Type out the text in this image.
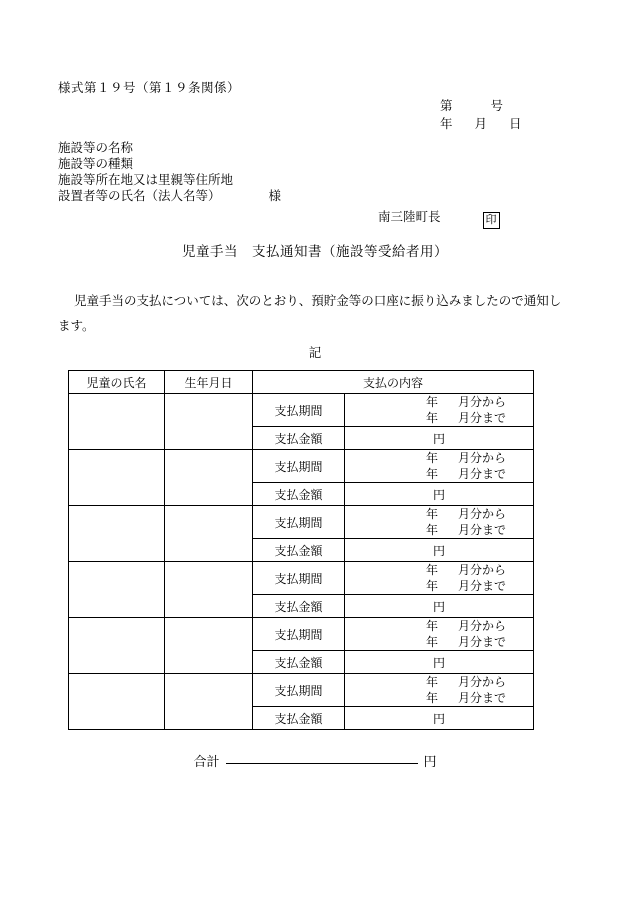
様式第１９号（第１９条関係）
第	号
年 月 日
施設等の名称
施設等の種類
施設等所在地又は里親等住所地
設置者等の氏名（法人名等）	様
南三陸町長	印
児童手当　支払通知書（施設等受給者用）
児童手当の支払については、次のとおり、預貯金等の口座に振り込みましたので通知します。
記
児童の氏名	生年月日	支払の内容	
		支払期間	年 月分から
年 月分まで

		支払金額	円
		支払期間	年 月分から
年 月分まで

		支払金額	円
		支払期間	年 月分から
年 月分まで

		支払金額	円
		支払期間	年 月分から
年 月分まで

		支払金額	円
		支払期間	年 月分から
年 月分まで

		支払金額	円
		支払期間	年 月分から
年 月分まで

		支払金額	円
合計	円
